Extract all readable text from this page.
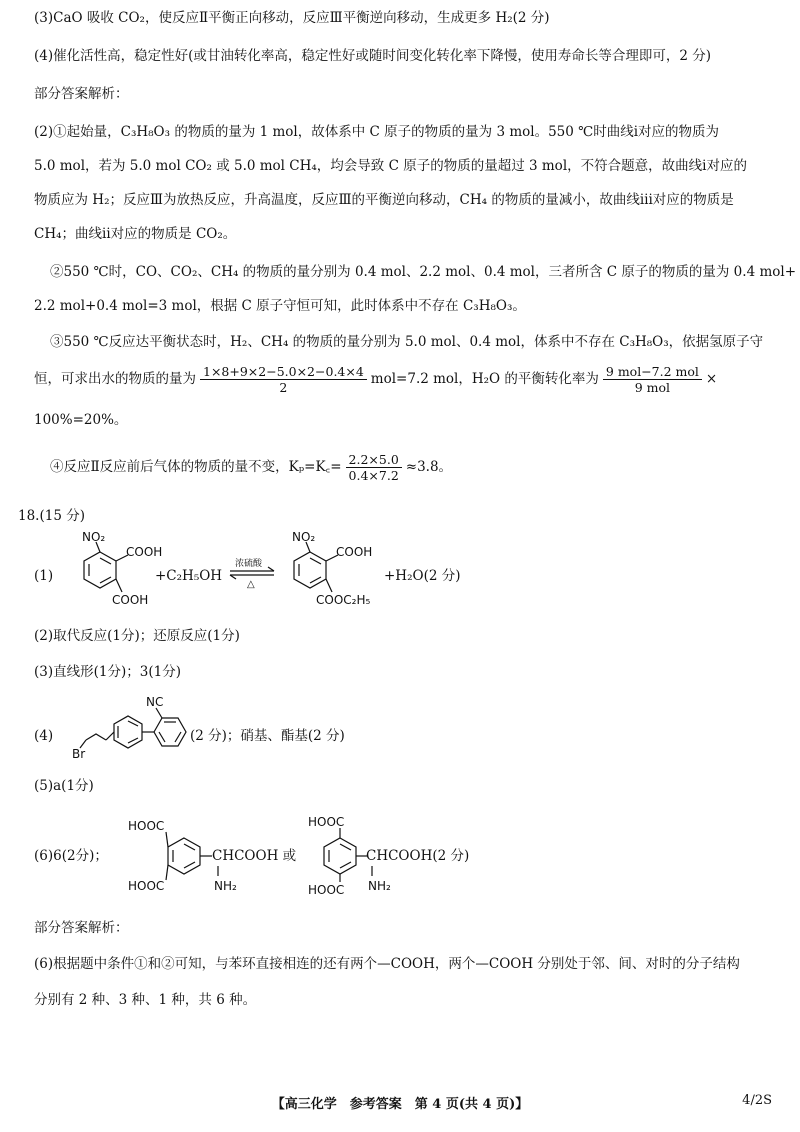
(3)CaO 吸收 CO₂，使反应Ⅱ平衡正向移动，反应Ⅲ平衡逆向移动，生成更多 H₂(2 分)
(4)催化活性高，稳定性好(或甘油转化率高，稳定性好或随时间变化转化率下降慢，使用寿命长等合理即可，2 分)
部分答案解析：
(2)①起始量，C₃H₈O₃ 的物质的量为 1 mol，故体系中 C 原子的物质的量为 3 mol。550 ℃时曲线ⅰ对应的物质为
5.0 mol，若为 5.0 mol CO₂ 或 5.0 mol CH₄，均会导致 C 原子的物质的量超过 3 mol，不符合题意，故曲线ⅰ对应的
物质应为 H₂；反应Ⅲ为放热反应，升高温度，反应Ⅲ的平衡逆向移动，CH₄ 的物质的量减小，故曲线ⅲ对应的物质是
CH₄；曲线ⅱ对应的物质是 CO₂。
②550 ℃时，CO、CO₂、CH₄ 的物质的量分别为 0.4 mol、2.2 mol、0.4 mol，三者所含 C 原子的物质的量为 0.4 mol+
2.2 mol+0.4 mol=3 mol，根据 C 原子守恒可知，此时体系中不存在 C₃H₈O₃。
③550 ℃反应达平衡状态时，H₂、CH₄ 的物质的量分别为 5.0 mol、0.4 mol，体系中不存在 C₃H₈O₃，依据氢原子守
恒，可求出水的物质的量为 $\frac{1\times 8+9\times 2-5.0\times 2-0.4\times 4}{2} mol=7.2$ mol，H₂O 的平衡转化率为 $\frac{\text{9 mol−7.2 mol}}{\text{9 mol}}$ ×
100%=20%。
④反应Ⅱ反应前后气体的物质的量不变，Kₚ=K꜀= $\frac{2.2\times 5.0}{0.4\times 7.2} \approx 3.8$。
18.(15 分)
(1)
NO₂
COOH
COOH
+C₂H₅OH
浓硫酸
△
NO₂
COOH
COOC₂H₅
+H₂O(2 分)
(2)取代反应(1分)；还原反应(1分)
(3)直线形(1分)；3(1分)
(4)
Br
NC
(2 分)；硝基、酯基(2 分)
(5)a(1分)
(6)6(2分)；
HOOC
HOOC
CHCOOH 或
NH₂
HOOC
HOOC
CHCOOH(2 分)
NH₂
部分答案解析：
(6)根据题中条件①和②可知，与苯环直接相连的还有两个—COOH，两个—COOH 分别处于邻、间、对时的分子结构
分别有 2 种、3 种、1 种，共 6 种。
【高三化学　参考答案　第 4 页(共 4 页)】	4/2S
